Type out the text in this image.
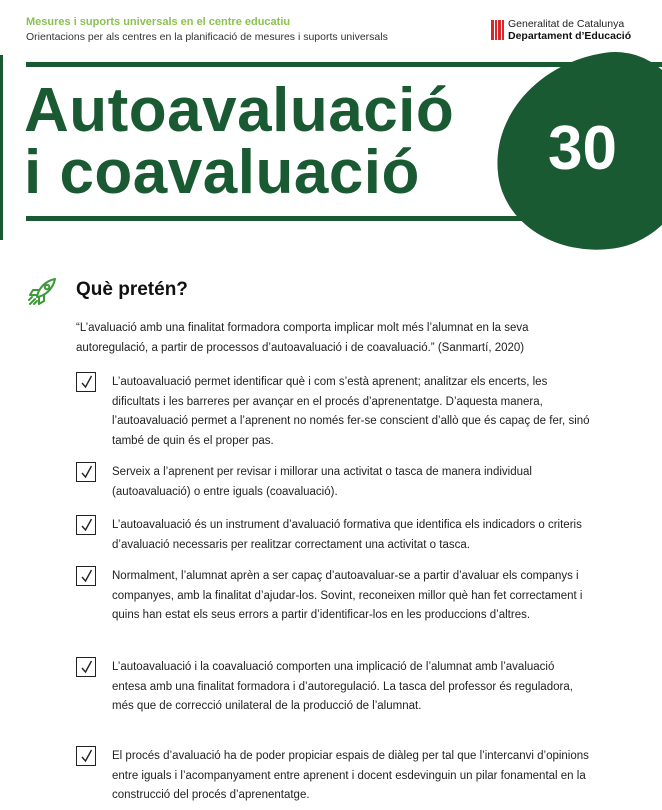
Mesures i suports universals en el centre educatiu
Orientacions per als centres en la planificació de mesures i suports universals
Generalitat de Catalunya
Departament d’Educació
30
Autoavaluació
i coavaluació
Què pretén?
“L’avaluació amb una finalitat formadora comporta implicar molt més l’alumnat en la seva autoregulació, a partir de processos d’autoavaluació i de coavaluació.” (Sanmartí, 2020)
L’autoavaluació permet identificar què i com s’està aprenent; analitzar els encerts, les dificultats i les barreres per avançar en el procés d’aprenentatge. D’aquesta manera, l’autoavaluació permet a l’aprenent no només fer-se conscient d’allò que és capaç de fer, sinó també de quin és el proper pas.
Serveix a l’aprenent per revisar i millorar una activitat o tasca de manera individual (autoavaluació) o entre iguals (coavaluació).
L’autoavaluació és un instrument d’avaluació formativa que identifica els indicadors o criteris d’avaluació necessaris per realitzar correctament una activitat o tasca.
Normalment, l’alumnat aprèn a ser capaç d’autoavaluar-se a partir d’avaluar els companys i companyes, amb la finalitat d’ajudar-los. Sovint, reconeixen millor què han fet correctament i quins han estat els seus errors a partir d’identificar-los en les produccions d’altres.
L’autoavaluació i la coavaluació comporten una implicació de l’alumnat amb l’avaluació entesa amb una finalitat formadora i d’autoregulació. La tasca del professor és reguladora, més que de correcció unilateral de la producció de l’alumnat.
El procés d’avaluació ha de poder propiciar espais de diàleg per tal que l’intercanvi d’opinions entre iguals i l’acompanyament entre aprenent i docent esdevinguin un pilar fonamental en la construcció del procés d’aprenentatge.
